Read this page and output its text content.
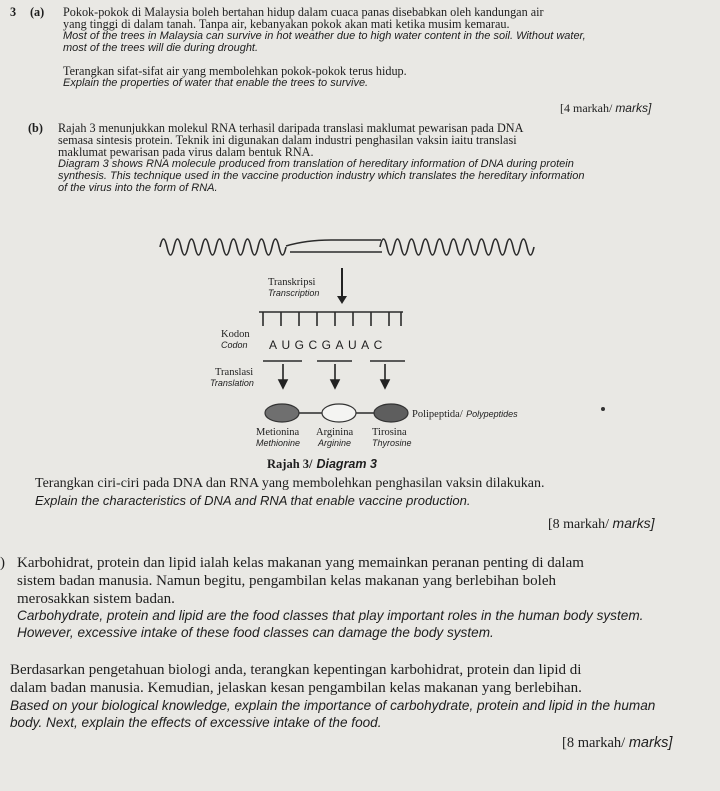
3 (a) Pokok-pokok di Malaysia boleh bertahan hidup dalam cuaca panas disebabkan oleh kandungan air
yang tinggi di dalam tanah. Tanpa air, kebanyakan pokok akan mati ketika musim kemarau.
Most of the trees in Malaysia can survive in hot weather due to high water content in the soil. Without water,
most of the trees will die during drought.
Terangkan sifat-sifat air yang membolehkan pokok-pokok terus hidup.
Explain the properties of water that enable the trees to survive.
[4 markah/ marks]
(b) Rajah 3 menunjukkan molekul RNA terhasil daripada translasi maklumat pewarisan pada DNA
semasa sintesis protein. Teknik ini digunakan dalam industri penghasilan vaksin iaitu translasi
maklumat pewarisan pada virus dalam bentuk RNA.
Diagram 3 shows RNA molecule produced from translation of hereditary information of DNA during protein
synthesis. This technique used in the vaccine production industry which translates the hereditary information
of the virus into the form of RNA.
Transkripsi
Transcription
Kodon
Codon AUGCGAUAC
Translasi
Translation
Polipeptida/ Polypeptides
Metionina
Methionine
Arginina
Arginine
Tirosina
Thyrosine
Rajah 3/ Diagram 3
Terangkan ciri-ciri pada DNA dan RNA yang membolehkan penghasilan vaksin dilakukan.
Explain the characteristics of DNA and RNA that enable vaccine production.
[8 markah/ marks]
) Karbohidrat, protein dan lipid ialah kelas makanan yang memainkan peranan penting di dalam
sistem badan manusia. Namun begitu, pengambilan kelas makanan yang berlebihan boleh
merosakkan sistem badan.
Carbohydrate, protein and lipid are the food classes that play important roles in the human body system.
However, excessive intake of these food classes can damage the body system.
Berdasarkan pengetahuan biologi anda, terangkan kepentingan karbohidrat, protein dan lipid di
dalam badan manusia. Kemudian, jelaskan kesan pengambilan kelas makanan yang berlebihan.
Based on your biological knowledge, explain the importance of carbohydrate, protein and lipid in the human
body. Next, explain the effects of excessive intake of the food.
[8 markah/ marks]
